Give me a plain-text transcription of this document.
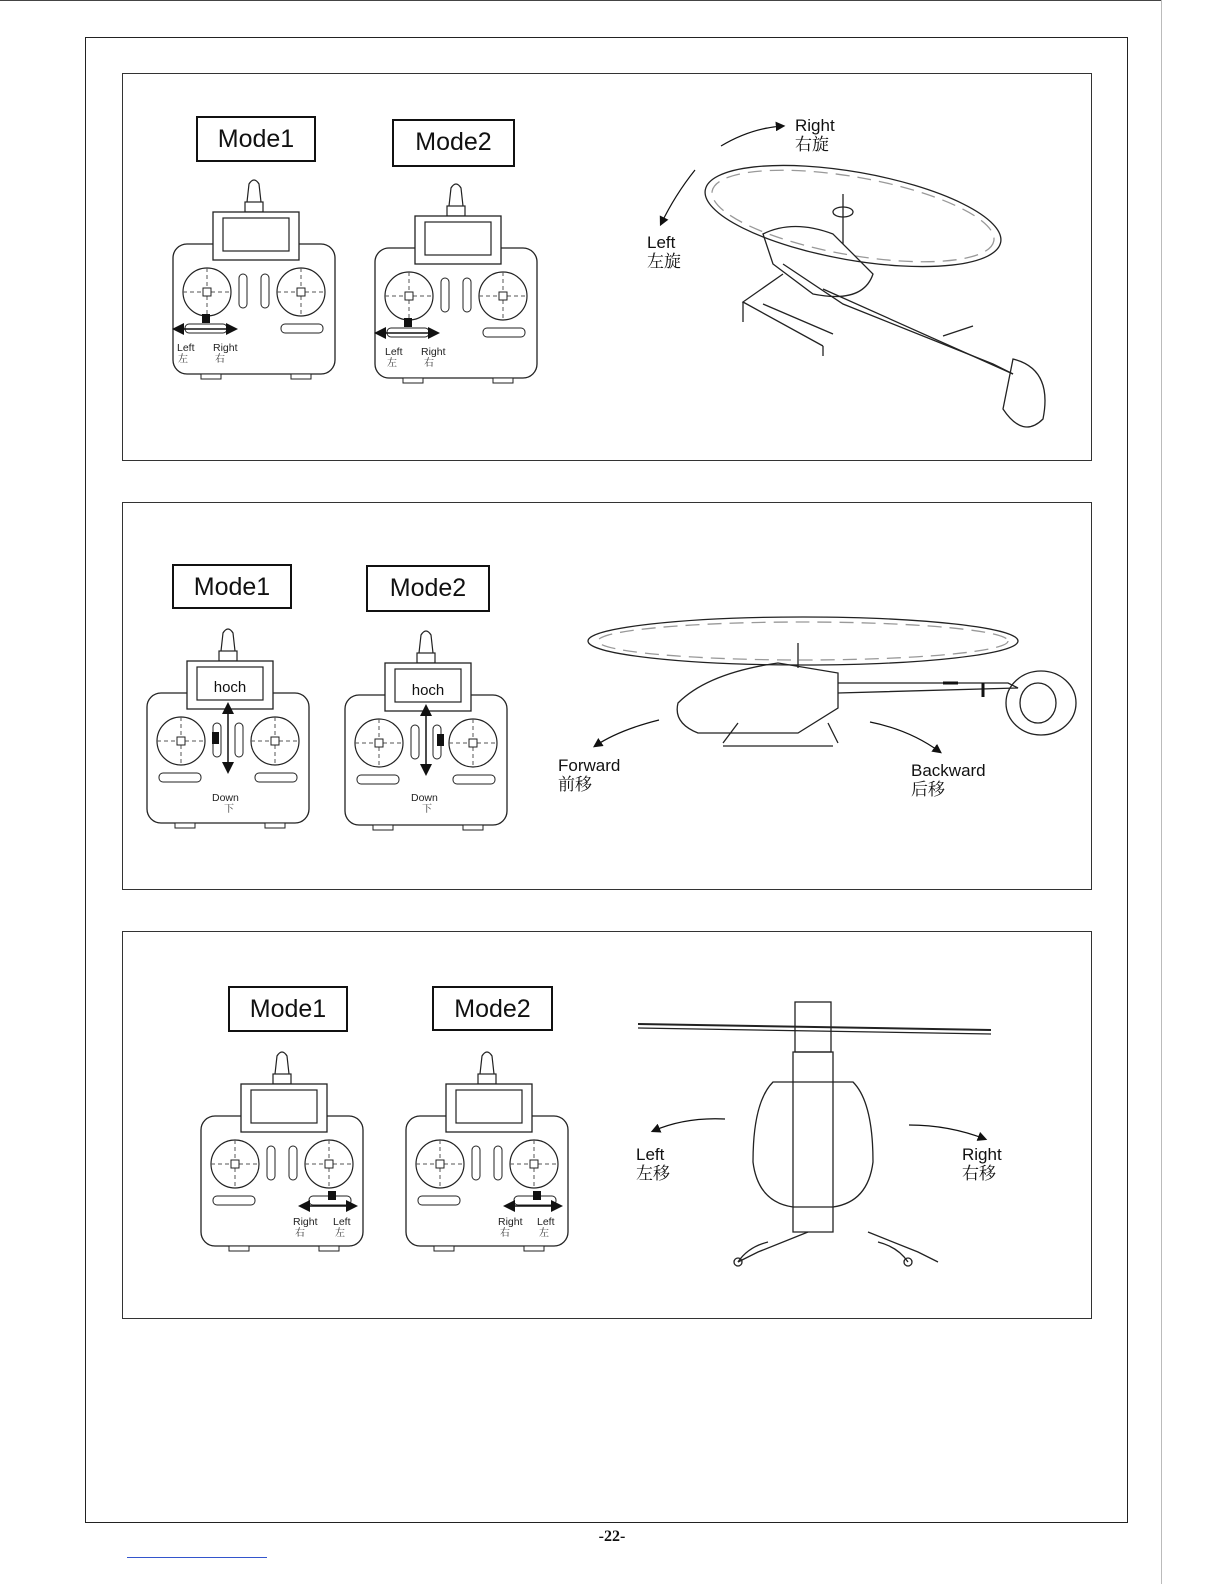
Mode1	Mode2
Left
左
Right
右
Left
左
Right
右
Right
右旋
Left
左旋
Mode1	Mode2
hoch	hoch
Down
下
Down
下
Forward
前移
Backward
后移
Mode1	Mode2
Right
右
Left
左
Right
右
Left
左
Left
左移
Right
右移
-22-
